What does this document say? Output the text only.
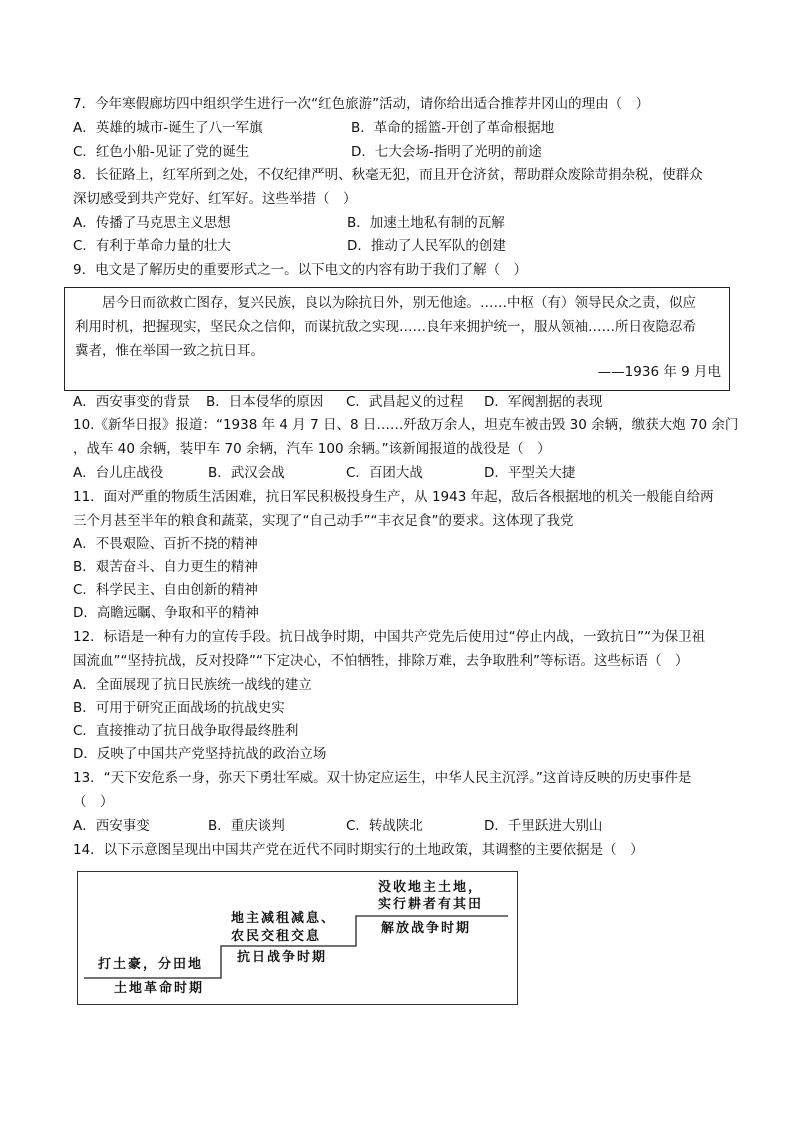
7．今年寒假廊坊四中组织学生进行一次“红色旅游”活动，请你给出适合推荐井冈山的理由（　）
A．英雄的城市-诞生了八一军旗	B．革命的摇篮-开创了革命根据地
C．红色小船-见证了党的诞生	D．七大会场-指明了光明的前途
8．长征路上，红军所到之处，不仅纪律严明、秋毫无犯，而且开仓济贫，帮助群众废除苛捐杂税，使群众
深切感受到共产党好、红军好。这些举措（　）
A．传播了马克思主义思想	B．加速土地私有制的瓦解
C．有利于革命力量的壮大	D．推动了人民军队的创建
9．电文是了解历史的重要形式之一。以下电文的内容有助于我们了解（　）
　　居今日而欲救亡图存，复兴民族，良以为除抗日外，别无他途。……中枢（有）领导民众之责，似应
利用时机，把握现实，坚民众之信仰，而谋抗敌之实现……良年来拥护统一，服从领袖……所日夜隐忍希
冀者，惟在举国一致之抗日耳。
——1936 年 9 月电
A．西安事变的背景 B．日本侵华的原因 C．武昌起义的过程 D．军阀割据的表现
10.《新华日报》报道：“1938 年 4 月 7 日、8 日……歼敌万余人，坦克车被击毁 30 余辆，缴获大炮 70 余门
，战车 40 余辆，装甲车 70 余辆，汽车 100 余辆。”该新闻报道的战役是（　）
A．台儿庄战役	B．武汉会战	C．百团大战	D．平型关大捷
11．面对严重的物质生活困难，抗日军民积极投身生产，从 1943 年起，敌后各根据地的机关一般能自给两
三个月甚至半年的粮食和蔬菜，实现了“自己动手”“丰衣足食”的要求。这体现了我党
A．不畏艰险、百折不挠的精神
B．艰苦奋斗、自力更生的精神
C．科学民主、自由创新的精神
D．高瞻远瞩、争取和平的精神
12．标语是一种有力的宣传手段。抗日战争时期，中国共产党先后使用过“停止内战，一致抗日”“为保卫祖
国流血”“坚持抗战，反对投降”“下定决心，不怕牺牲，排除万难，去争取胜利”等标语。这些标语（　）
A．全面展现了抗日民族统一战线的建立
B．可用于研究正面战场的抗战史实
C．直接推动了抗日战争取得最终胜利
D．反映了中国共产党坚持抗战的政治立场
13．“天下安危系一身，弥天下勇壮军威。双十协定应运生，中华人民主沉浮。”这首诗反映的历史事件是
（　）
A．西安事变	B．重庆谈判	C．转战陕北	D．千里跃进大别山
14．以下示意图呈现出中国共产党在近代不同时期实行的土地政策，其调整的主要依据是（　）
打土豪，分田地
土地革命时期
地主减租减息、
农民交租交息
抗日战争时期
没收地主土地，
实行耕者有其田
解放战争时期
